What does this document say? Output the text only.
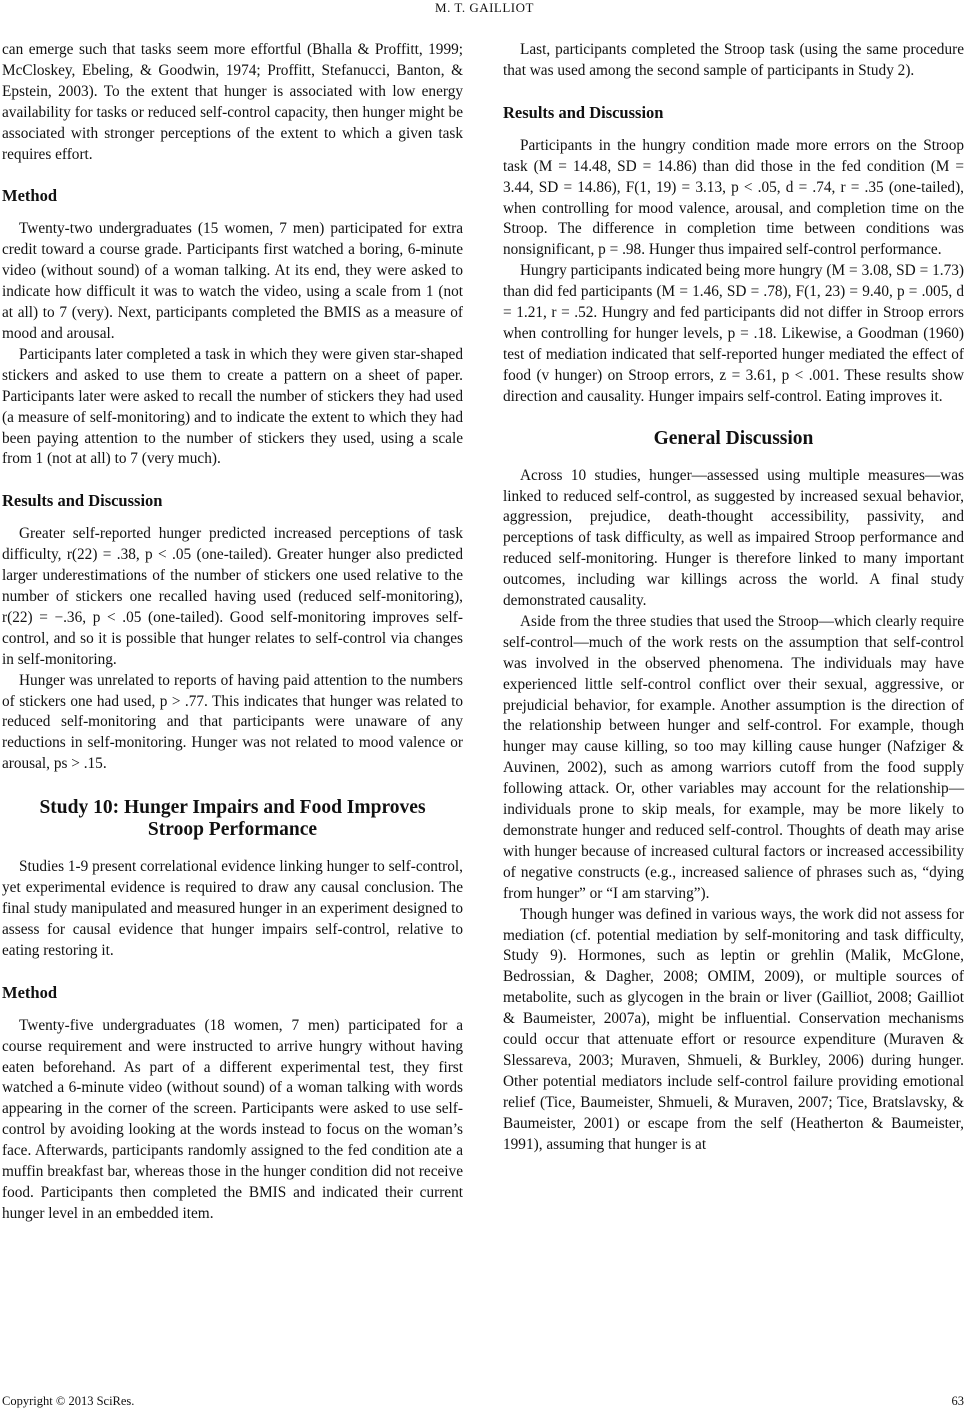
M. T. GAILLIOT

can emerge such that tasks seem more effortful (Bhalla & Proffitt, 1999; McCloskey, Ebeling, & Goodwin, 1974; Proffitt, Stefanucci, Banton, & Epstein, 2003). To the extent that hunger is associated with low energy availability for tasks or reduced self-control capacity, then hunger might be associated with stronger perceptions of the extent to which a given task requires effort.

Method

Twenty-two undergraduates (15 women, 7 men) participated for extra credit toward a course grade. Participants first watched a boring, 6-minute video (without sound) of a woman talking. At its end, they were asked to indicate how difficult it was to watch the video, using a scale from 1 (not at all) to 7 (very). Next, participants completed the BMIS as a measure of mood and arousal.

Participants later completed a task in which they were given star-shaped stickers and asked to use them to create a pattern on a sheet of paper. Participants later were asked to recall the number of stickers they had used (a measure of self-monitoring) and to indicate the extent to which they had been paying attention to the number of stickers they used, using a scale from 1 (not at all) to 7 (very much).

Results and Discussion

Greater self-reported hunger predicted increased perceptions of task difficulty, r(22) = .38, p < .05 (one-tailed). Greater hunger also predicted larger underestimations of the number of stickers one used relative to the number of stickers one recalled having used (reduced self-monitoring), r(22) = −.36, p < .05 (one-tailed). Good self-monitoring improves self-control, and so it is possible that hunger relates to self-control via changes in self-monitoring.

Hunger was unrelated to reports of having paid attention to the numbers of stickers one had used, p > .77. This indicates that hunger was related to reduced self-monitoring and that participants were unaware of any reductions in self-monitoring. Hunger was not related to mood valence or arousal, ps > .15.

Study 10: Hunger Impairs and Food Improves
Stroop Performance

Studies 1-9 present correlational evidence linking hunger to self-control, yet experimental evidence is required to draw any causal conclusion. The final study manipulated and measured hunger in an experiment designed to assess for causal evidence that hunger impairs self-control, relative to eating restoring it.

Method

Twenty-five undergraduates (18 women, 7 men) participated for a course requirement and were instructed to arrive hungry without having eaten beforehand. As part of a different experimental test, they first watched a 6-minute video (without sound) of a woman talking with words appearing in the corner of the screen. Participants were asked to use self-control by avoiding looking at the words instead to focus on the woman’s face. Afterwards, participants randomly assigned to the fed condition ate a muffin breakfast bar, whereas those in the hunger condition did not receive food. Participants then completed the BMIS and indicated their current hunger level in an embedded item.

Last, participants completed the Stroop task (using the same procedure that was used among the second sample of participants in Study 2).

Results and Discussion

Participants in the hungry condition made more errors on the Stroop task (M = 14.48, SD = 14.86) than did those in the fed condition (M = 3.44, SD = 14.86), F(1, 19) = 3.13, p < .05, d = .74, r = .35 (one-tailed), when controlling for mood valence, arousal, and completion time on the Stroop. The difference in completion time between conditions was nonsignificant, p = .98. Hunger thus impaired self-control performance.

Hungry participants indicated being more hungry (M = 3.08, SD = 1.73) than did fed participants (M = 1.46, SD = .78), F(1, 23) = 9.40, p = .005, d = 1.21, r = .52. Hungry and fed participants did not differ in Stroop errors when controlling for hunger levels, p = .18. Likewise, a Goodman (1960) test of mediation indicated that self-reported hunger mediated the effect of food (v hunger) on Stroop errors, z = 3.61, p < .001. These results show direction and causality. Hunger impairs self-control. Eating improves it.

General Discussion

Across 10 studies, hunger—assessed using multiple measures—was linked to reduced self-control, as suggested by increased sexual behavior, aggression, prejudice, death-thought accessibility, passivity, and perceptions of task difficulty, as well as impaired Stroop performance and reduced self-monitoring. Hunger is therefore linked to many important outcomes, including war killings across the world. A final study demonstrated causality.

Aside from the three studies that used the Stroop—which clearly require self-control—much of the work rests on the assumption that self-control was involved in the observed phenomena. The individuals may have experienced little self-control conflict over their sexual, aggressive, or prejudicial behavior, for example. Another assumption is the direction of the relationship between hunger and self-control. For example, though hunger may cause killing, so too may killing cause hunger (Nafziger & Auvinen, 2002), such as among warriors cutoff from the food supply following attack. Or, other variables may account for the relationship—individuals prone to skip meals, for example, may be more likely to demonstrate hunger and reduced self-control. Thoughts of death may arise with hunger because of increased cultural factors or increased accessibility of negative constructs (e.g., increased salience of phrases such as, “dying from hunger” or “I am starving”).

Though hunger was defined in various ways, the work did not assess for mediation (cf. potential mediation by self-monitoring and task difficulty, Study 9). Hormones, such as leptin or grehlin (Malik, McGlone, Bedrossian, & Dagher, 2008; OMIM, 2009), or multiple sources of metabolite, such as glycogen in the brain or liver (Gailliot, 2008; Gailliot & Baumeister, 2007a), might be influential. Conservation mechanisms could occur that attenuate effort or resource expenditure (Muraven & Slessareva, 2003; Muraven, Shmueli, & Burkley, 2006) during hunger. Other potential mediators include self-control failure providing emotional relief (Tice, Baumeister, Shmueli, & Muraven, 2007; Tice, Bratslavsky, & Baumeister, 2001) or escape from the self (Heatherton & Baumeister, 1991), assuming that hunger is at

Copyright © 2013 SciRes.	63
